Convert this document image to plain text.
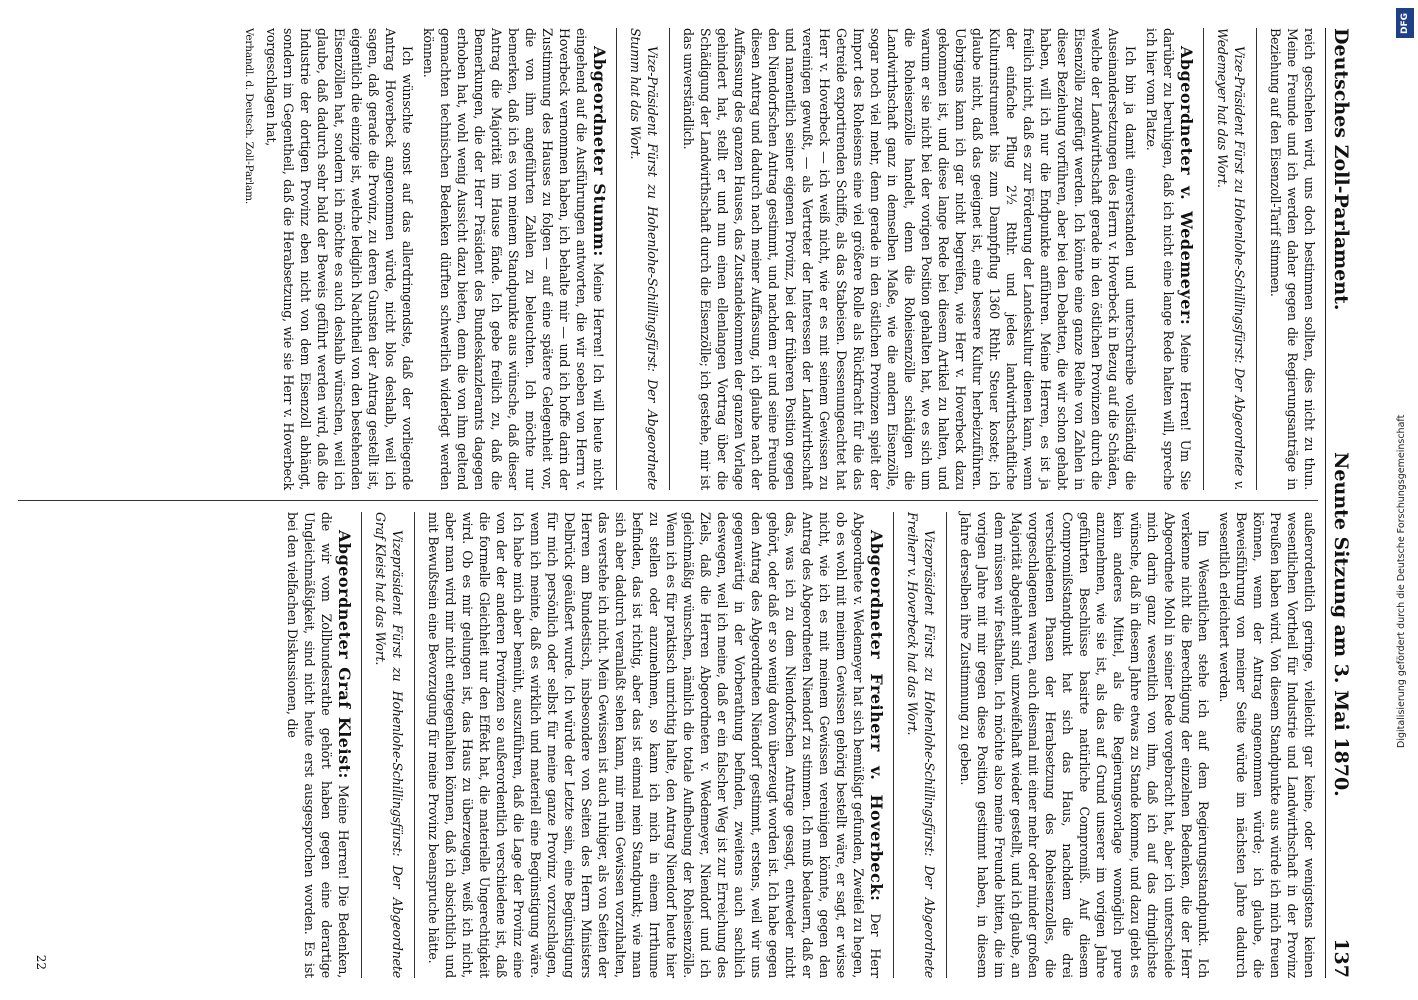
Deutsches Zoll-Parlament.
Neunte Sitzung am 3. Mai 1870.
137

reich geschehen wird, uns doch bestimmen sollten, dies nicht zu thun. Meine Freunde und ich werden daher gegen die Regierungsanträge in Beziehung auf den Eisenzoll-Tarif stimmen.

Vize-Präsident Fürst zu Hohenlohe-Schillingsfürst: Der Abgeordnete v. Wedemeyer hat das Wort.

Abgeordneter v. Wedemeyer: Meine Herren! Um Sie darüber zu beruhigen, daß ich nicht eine lange Rede halten will, spreche ich hier vom Platze.

Ich bin ja damit einverstanden und unterschreibe vollständig die Auseinandersetzungen des Herrn v. Hoverbeck in Bezug auf die Schäden, welche der Landwirthschaft gerade in den östlichen Provinzen durch die Eisenzölle zugefügt werden. Ich könnte eine ganze Reihe von Zahlen in dieser Beziehung vorführen, aber bei den Debatten, die wir schon gehabt haben, will ich nur die Endpunkte anführen. Meine Herren, es ist ja freilich nicht, daß es zur Förderung der Landeskultur dienen kann, wenn der einfache Pflug 2½ Rthlr. und jedes landwirthschaftliche Kulturinstrument bis zum Dampfpflug 1360 Rthlr. Steuer kostet; ich glaube nicht, daß das geeignet ist, eine bessere Kultur herbeizuführen. Uebrigens kann ich gar nicht begreifen, wie Herr v. Hoverbeck dazu gekommen ist, und diese lange Rede bei diesem Artikel zu halten, und warum er sie nicht bei der vorigen Position gehalten hat, wo es sich um die Roheisenzölle handelt, denn die Roheisenzölle schädigen die Landwirthschaft ganz in demselben Maße, wie die andern Eisenzölle, sogar noch viel mehr, denn gerade in den östlichen Provinzen spielt der Import des Roheisens eine viel größere Rolle als Rückfracht für die das Getreide exportirenden Schiffe, als das Stabeisen. Dessenungeachtet hat Herr v. Hoverbeck — ich weiß nicht, wie er es mit seinem Gewissen zu vereinigen gewußt, — als Vertreter der Interessen der Landwirthschaft und namentlich seiner eigenen Provinz, bei der früheren Position gegen den Niendorfschen Antrag gestimmt, und nachdem er und seine Freunde diesen Antrag und dadurch nach meiner Auffassung, ich glaube nach der Auffassung des ganzen Hauses, das Zustandekommen der ganzen Vorlage gehindert hat, stellt er und nun einen ellenlangen Vortrag über die Schädigung der Landwirthschaft durch die Eisenzölle; ich gestehe, mir ist das unverständlich.

Vize-Präsident Fürst zu Hohenlohe-Schillingsfürst: Der Abgeordnete Stumm hat das Wort.

Abgeordneter Stumm: Meine Herren! Ich will heute nicht eingehend auf die Ausführungen antworten, die wir soeben von Herrn v. Hoverbeck vernommen haben, ich behalte mir — und ich hoffe darin der Zustimmung des Hauses zu folgen — auf eine spätere Gelegenheit vor, die von ihm angeführten Zahlen zu beleuchten. Ich möchte nur bemerken, daß ich es von meinem Standpunkte aus wünsche, daß dieser Antrag die Majorität im Hause fände. Ich gebe freilich zu, daß die Bemerkungen, die der Herr Präsident des Bundeskanzleramts dagegen erhoben hat, wohl wenig Aussicht dazu bieten, denn die von ihm geltend gemachten technischen Bedenken dürften schwerlich widerlegt werden können.

Ich wünschte sonst auf das allerdringendste, daß der vorliegende Antrag Hoverbeck angenommen würde, nicht blos deshalb, weil ich sagen, daß gerade die Provinz, zu deren Gunsten der Antrag gestellt ist, eigentlich die einzige ist, welche lediglich Nachtheil von den bestehenden Eisenzöllen hat, sondern ich möchte es auch deshalb wünschen, weil ich glaube, daß dadurch sehr bald der Beweis geführt werden wird, daß die Industrie der dortigen Provinz eben nicht von dem Eisenzoll abhängt, sondern im Gegentheil, daß die Herabsetzung, wie sie Herr v. Hoverbeck vorgeschlagen hat,

Verhandl. d. Deutsch. Zoll-Parlam.

außerordentlich geringe, vielleicht gar keine, oder wenigstens keinen wesentlichen Vortheil für Industrie und Landwirthschaft in der Provinz Preußen haben wird. Von diesem Standpunkte aus würde ich mich freuen können, wenn der Antrag angenommen würde; ich glaube, die Beweisführung von meiner Seite würde im nächsten Jahre dadurch wesentlich erleichtert werden.

Im Wesentlichen stehe ich auf dem Regierungsstandpunkt. Ich verkenne nicht die Berechtigung der einzelnen Bedenken, die der Herr Abgeordnete Mohl in seiner Rede vorgebracht hat, aber ich unterscheide mich darin ganz wesentlich von ihm, daß ich auf das dringlichste wünsche, daß in diesem Jahre etwas zu Stande komme, und dazu giebt es kein anderes Mittel, als die Regierungsvorlage womöglich pure anzunehmen, wie sie ist, als das auf Grund unserer im vorigen Jahre geführten Beschlüsse basirte natürliche Compromiß. Auf diesem Compromißstandpunkt hat sich das Haus, nachdem die drei verschiedenen Phasen der Herabsetzung des Roheisenzolles, die vorgeschlagenen waren, auch diesmal mit einer mehr oder minder großen Majorität abgelehnt sind, unzweifelhaft wieder gestellt, und ich glaube, an dem müssen wir festhalten. Ich möchte also meine Freunde bitten, die im vorigen Jahre mit mir gegen diese Position gestimmt haben, in diesem Jahre derselben ihre Zustimmung zu geben.

Vizepräsident Fürst zu Hohenlohe-Schillingsfürst: Der Abgeordnete Freiherr v. Hoverbeck hat das Wort.

Abgeordneter Freiherr v. Hoverbeck: Der Herr Abgeordnete v. Wedemeyer hat sich bemüßigt gefunden, Zweifel zu hegen, ob es wohl mit meinem Gewissen gehörig bestellt wäre, er sagt, er wisse nicht, wie ich es mit meinem Gewissen vereinigen könnte, gegen den Antrag des Abgeordneten Niendorf zu stimmen. Ich muß bedauern, daß er das, was ich zu dem Niendorfschen Antrage gesagt, entweder nicht gehört, oder daß er so wenig davon überzeugt worden ist. Ich habe gegen den Antrag des Abgeordneten Niendorf gestimmt, erstens, weil wir uns gegenwärtig in der Vorberathung befinden, zweitens auch sachlich deswegen, weil ich meine, daß er ein falscher Weg ist zur Erreichung des Ziels, daß die Herren Abgeordneten v. Wedemeyer, Niendorf und ich gleichmäßig wünschen, nämlich die totale Aufhebung der Roheisenzölle. Wenn ich es für praktisch unrichtig halte, den Antrag Niendorf heute hier zu stellen oder anzunehmen, so kann ich mich in einem Irrthume befinden, das ist richtig, aber das ist einmal mein Standpunkt; wie man sich aber dadurch veranlaßt sehen kann, mir mein Gewissen vorzuhalten, das verstehe ich nicht. Mein Gewissen ist auch ruhiger, als von Seiten der Herren am Bundestisch, insbesondere von Seiten des Herrn Ministers Delbrück geäußert wurde. Ich würde der Letzte sein, eine Begünstigung für mich persönlich oder selbst für meine ganze Provinz vorzuschlagen, wenn ich meinte, daß es wirklich und materiell eine Begünstigung wäre. Ich habe mich aber bemüht, auszuführen, daß die Lage der Provinz eine von der der anderen Provinzen so außerordentlich verschiedene ist, daß die formelle Gleichheit nur den Effekt hat, die materielle Ungerechtigkeit wird. Ob es mir gelungen ist, das Haus zu überzeugen, weiß ich nicht, aber man wird mir nicht entgegenhalten können, daß ich absichtlich und mit Bewußtsein eine Bevorzugung für meine Provinz beanspruche hätte.

Vizepräsident Fürst zu Hohenlohe-Schillingsfürst: Der Abgeordnete Graf Kleist hat das Wort.

Abgeordneter Graf Kleist: Meine Herren! Die Bedenken, die wir vom Zollbundesrathe gehört haben gegen eine derartige Ungleichmäßigkeit, sind nicht heute erst ausgesprochen worden. Es ist bei den vielfachen Diskussionen, die

22
DFG
Digitalisierung gefördert durch die Deutsche Forschungsgemeinschaft
